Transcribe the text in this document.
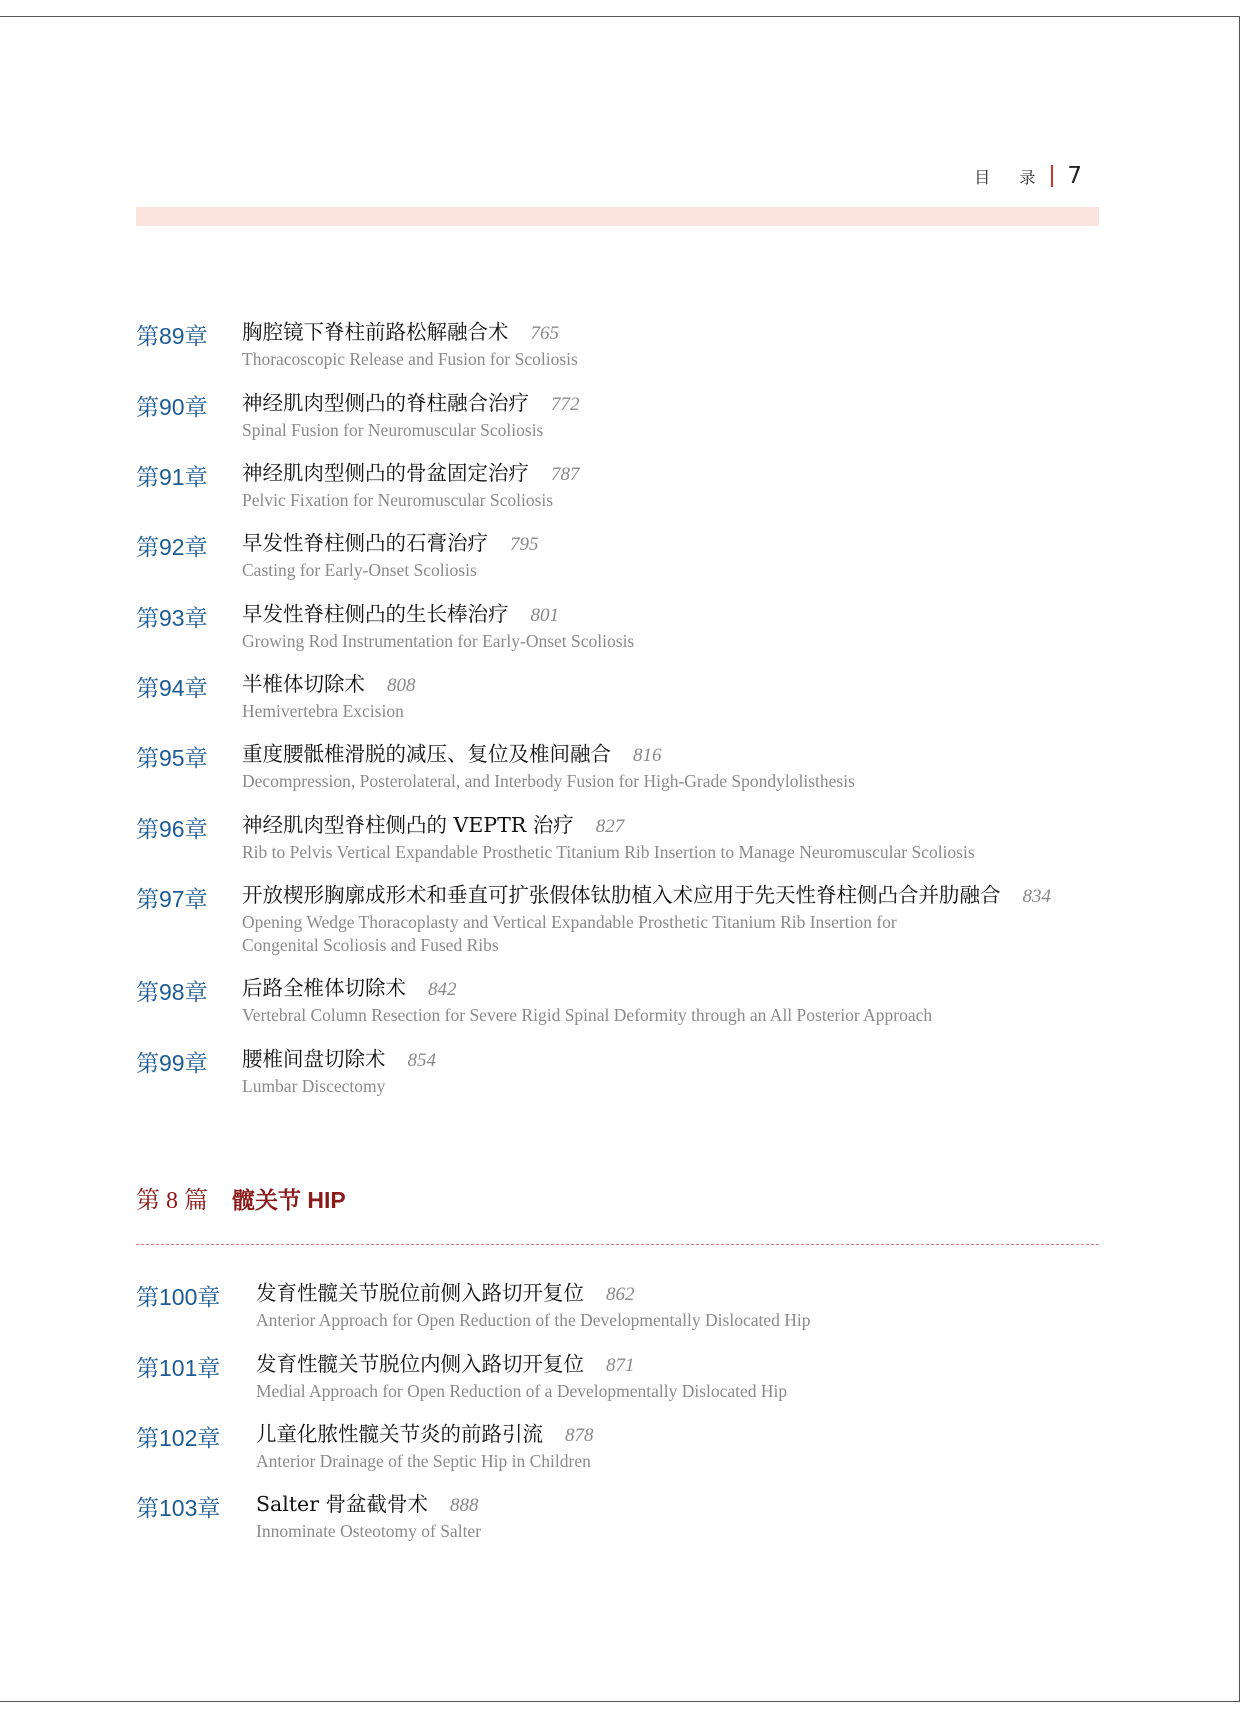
目 录 7
第89章 胸腔镜下脊柱前路松解融合术 765
Thoracoscopic Release and Fusion for Scoliosis
第90章 神经肌肉型侧凸的脊柱融合治疗 772
Spinal Fusion for Neuromuscular Scoliosis
第91章 神经肌肉型侧凸的骨盆固定治疗 787
Pelvic Fixation for Neuromuscular Scoliosis
第92章 早发性脊柱侧凸的石膏治疗 795
Casting for Early-Onset Scoliosis
第93章 早发性脊柱侧凸的生长棒治疗 801
Growing Rod Instrumentation for Early-Onset Scoliosis
第94章 半椎体切除术 808
Hemivertebra Excision
第95章 重度腰骶椎滑脱的减压、复位及椎间融合 816
Decompression, Posterolateral, and Interbody Fusion for High-Grade Spondylolisthesis
第96章 神经肌肉型脊柱侧凸的 VEPTR 治疗 827
Rib to Pelvis Vertical Expandable Prosthetic Titanium Rib Insertion to Manage Neuromuscular Scoliosis
第97章 开放楔形胸廓成形术和垂直可扩张假体钛肋植入术应用于先天性脊柱侧凸合并肋融合 834
Opening Wedge Thoracoplasty and Vertical Expandable Prosthetic Titanium Rib Insertion for
Congenital Scoliosis and Fused Ribs
第98章 后路全椎体切除术 842
Vertebral Column Resection for Severe Rigid Spinal Deformity through an All Posterior Approach
第99章 腰椎间盘切除术 854
Lumbar Discectomy
第 8 篇 髋关节 HIP
第100章 发育性髋关节脱位前侧入路切开复位 862
Anterior Approach for Open Reduction of the Developmentally Dislocated Hip
第101章 发育性髋关节脱位内侧入路切开复位 871
Medial Approach for Open Reduction of a Developmentally Dislocated Hip
第102章 儿童化脓性髋关节炎的前路引流 878
Anterior Drainage of the Septic Hip in Children
第103章 Salter 骨盆截骨术 888
Innominate Osteotomy of Salter
